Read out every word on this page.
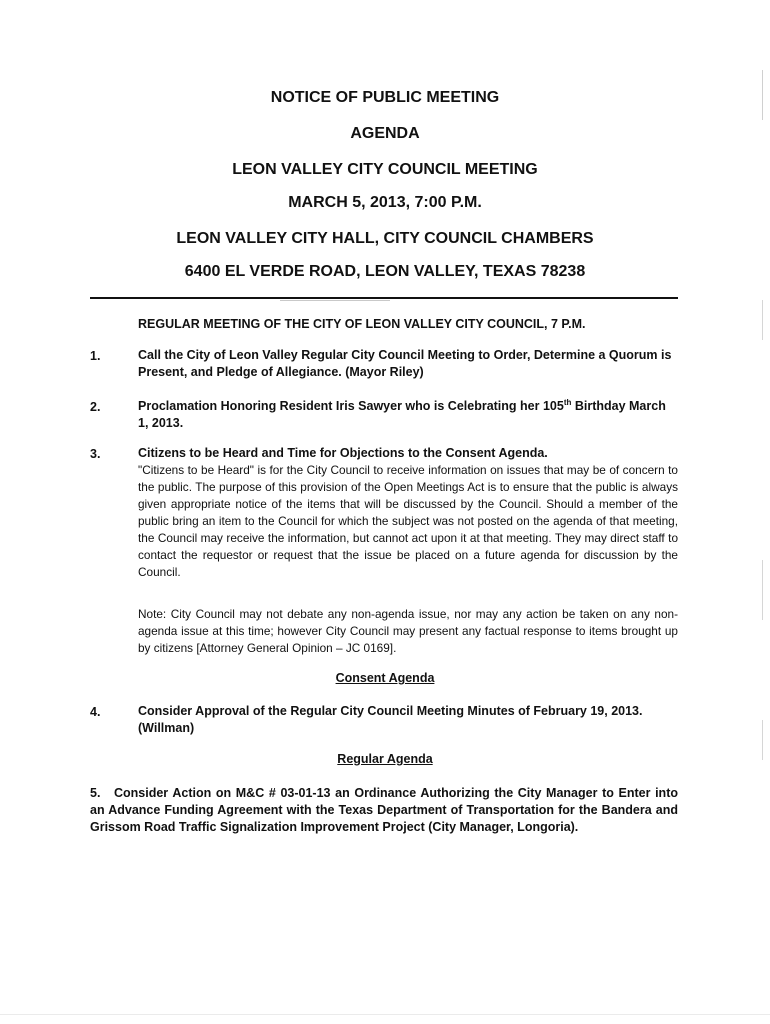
NOTICE OF PUBLIC MEETING
AGENDA
LEON VALLEY CITY COUNCIL MEETING
MARCH 5, 2013, 7:00 P.M.
LEON VALLEY CITY HALL, CITY COUNCIL CHAMBERS
6400 EL VERDE ROAD, LEON VALLEY, TEXAS 78238
REGULAR MEETING OF THE CITY OF LEON VALLEY CITY COUNCIL, 7 P.M.
1.	Call the City of Leon Valley Regular City Council Meeting to Order, Determine a Quorum is Present, and Pledge of Allegiance. (Mayor Riley)
2.	Proclamation Honoring Resident Iris Sawyer who is Celebrating her 105th Birthday March 1, 2013.
3.	Citizens to be Heard and Time for Objections to the Consent Agenda.
"Citizens to be Heard" is for the City Council to receive information on issues that may be of concern to the public. The purpose of this provision of the Open Meetings Act is to ensure that the public is always given appropriate notice of the items that will be discussed by the Council. Should a member of the public bring an item to the Council for which the subject was not posted on the agenda of that meeting, the Council may receive the information, but cannot act upon it at that meeting. They may direct staff to contact the requestor or request that the issue be placed on a future agenda for discussion by the Council.
Note: City Council may not debate any non-agenda issue, nor may any action be taken on any non-agenda issue at this time; however City Council may present any factual response to items brought up by citizens [Attorney General Opinion – JC 0169].
Consent Agenda
4.	Consider Approval of the Regular City Council Meeting Minutes of February 19, 2013. (Willman)
Regular Agenda
5. Consider Action on M&C # 03-01-13 an Ordinance Authorizing the City Manager to Enter into an Advance Funding Agreement with the Texas Department of Transportation for the Bandera and Grissom Road Traffic Signalization Improvement Project (City Manager, Longoria).
